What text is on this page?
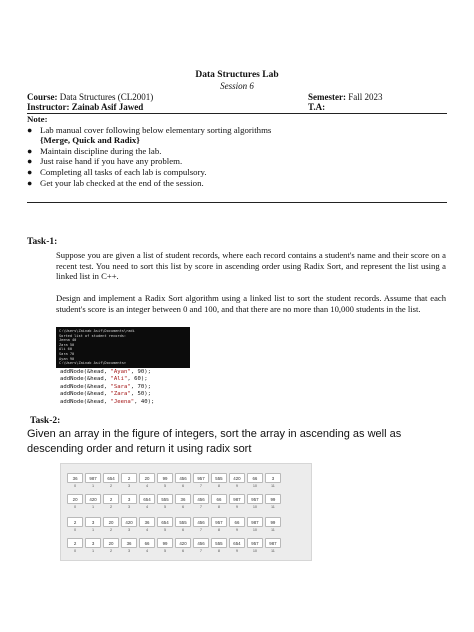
Data Structures Lab
Session 6
Course: Data Structures (CL2001)	Semester: Fall 2023
Instructor: Zainab Asif Jawed	T.A:
Note:
● Lab manual cover following below elementary sorting algorithms
{Merge, Quick and Radix}
● Maintain discipline during the lab.
● Just raise hand if you have any problem.
● Completing all tasks of each lab is compulsory.
● Get your lab checked at the end of the session.
Task-1:
Suppose you are given a list of student records, where each record contains a student's name and their score on a recent test. You need to sort this list by score in ascending order using Radix Sort, and represent the list using a linked list in C++.
Design and implement a Radix Sort algorithm using a linked list to sort the student records. Assume that each student's score is an integer between 0 and 100, and that there are no more than 10,000 students in the list.
C:\Users\Zainab Asif\Documents\radi
Sorted list of student records:
Jeena 40
Zara 50
Ali 60
Sara 70
Ayan 90
C:\Users\Zainab Asif\Documents>
addNode(&head, "Ayan", 90);
addNode(&head, "Ali", 60);
addNode(&head, "Sara", 70);
addNode(&head, "Zara", 50);
addNode(&head, "Jeena", 40);
Task-2:
Given an array in the figure of integers, sort the array in ascending as well as descending order and return it using radix sort
36	987	654	2	20	99	456	957	555	420	66	3
0	1	2	3	4	5	6	7	8	9	10	11
20	420	2	3	654	555	36	456	66	987	957	99
0	1	2	3	4	5	6	7	8	9	10	11
2	3	20	420	36	654	555	456	957	66	987	99
0	1	2	3	4	5	6	7	8	9	10	11
2	3	20	36	66	99	420	456	555	654	957	987
0	1	2	3	4	5	6	7	8	9	10	11
